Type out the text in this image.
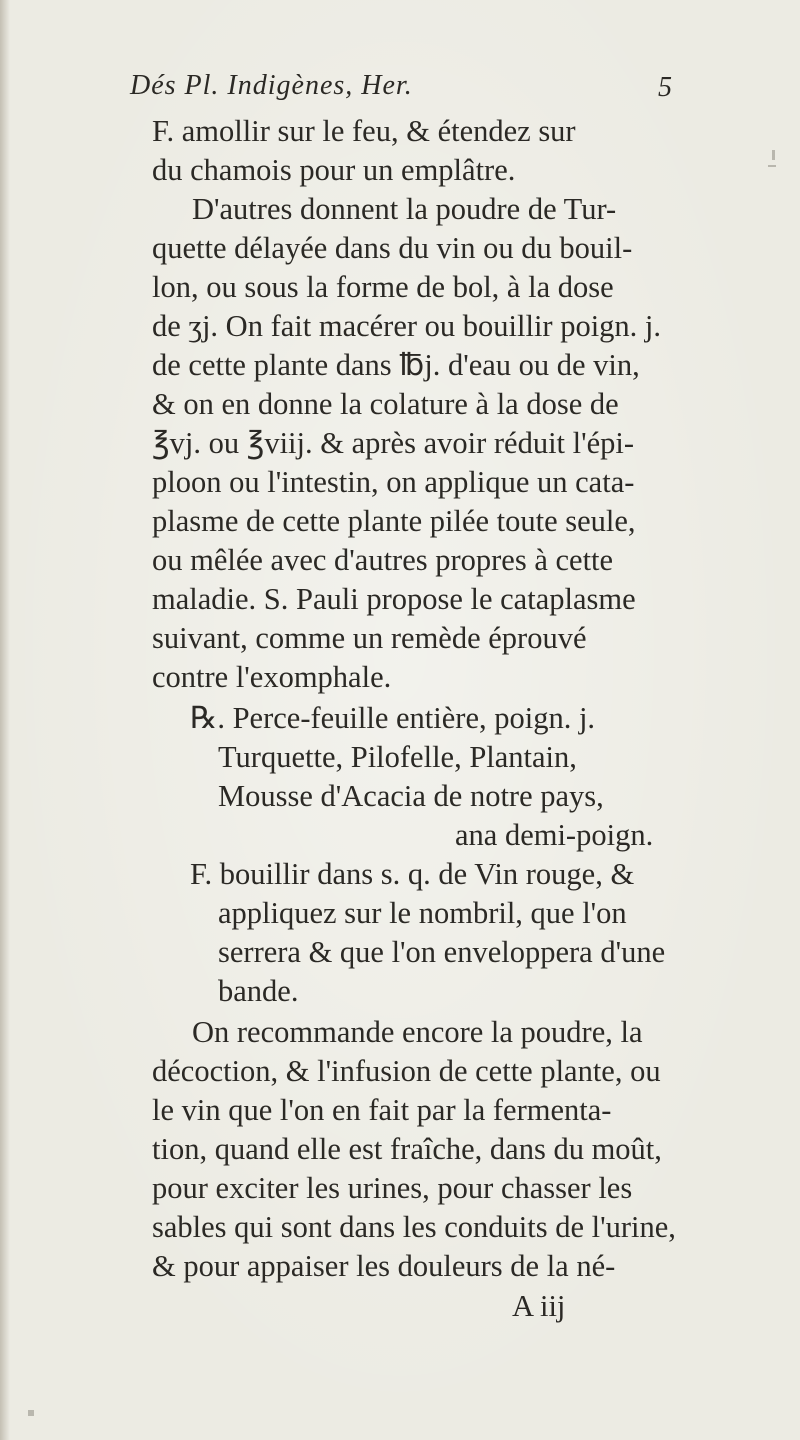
Dés Pl. Indigènes, Her.	5
F. amollir sur le feu, & étendez sur
du chamois pour un emplâtre.
D'autres donnent la poudre de Tur-
quette délayée dans du vin ou du bouil-
lon, ou sous la forme de bol, à la dose
de ʒj. On fait macérer ou bouillir poign. j.
de cette plante dans ℔j. d'eau ou de vin,
& on en donne la colature à la dose de
℥vj. ou ℥viij. & après avoir réduit l'épi-
ploon ou l'intestin, on applique un cata-
plasme de cette plante pilée toute seule,
ou mêlée avec d'autres propres à cette
maladie. S. Pauli propose le cataplasme
suivant, comme un remède éprouvé
contre l'exomphale.
℞. Perce-feuille entière, poign. j.
Turquette, Pilofelle, Plantain,
Mousse d'Acacia de notre pays,
ana demi-poign.
F. bouillir dans s. q. de Vin rouge, &
appliquez sur le nombril, que l'on
serrera & que l'on enveloppera d'une
bande.
On recommande encore la poudre, la
décoction, & l'infusion de cette plante, ou
le vin que l'on en fait par la fermenta-
tion, quand elle est fraîche, dans du moût,
pour exciter les urines, pour chasser les
sables qui sont dans les conduits de l'urine,
& pour appaiser les douleurs de la né-
A iij
